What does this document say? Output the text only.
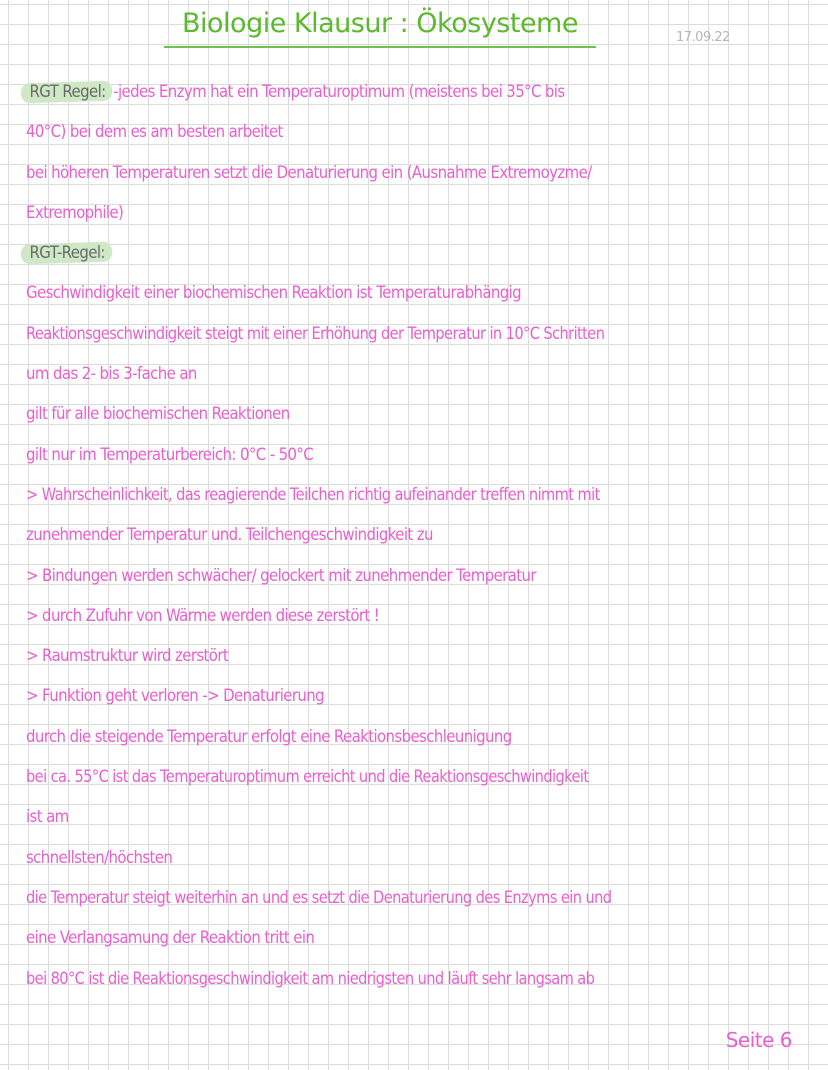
Biologie Klausur : Ökosysteme	17.09.22
RGT Regel: -jedes Enzym hat ein Temperaturoptimum (meistens bei 35°C bis
40°C) bei dem es am besten arbeitet
bei höheren Temperaturen setzt die Denaturierung ein (Ausnahme Extremoyzme/
Extremophile)
RGT-Regel:
Geschwindigkeit einer biochemischen Reaktion ist Temperaturabhängig
Reaktionsgeschwindigkeit steigt mit einer Erhöhung der Temperatur in 10°C Schritten
um das 2- bis 3-fache an
gilt für alle biochemischen Reaktionen
gilt nur im Temperaturbereich: 0°C - 50°C
> Wahrscheinlichkeit, das reagierende Teilchen richtig aufeinander treffen nimmt mit
zunehmender Temperatur und. Teilchengeschwindigkeit zu
> Bindungen werden schwächer/ gelockert mit zunehmender Temperatur
> durch Zufuhr von Wärme werden diese zerstört !
> Raumstruktur wird zerstört
> Funktion geht verloren -> Denaturierung
durch die steigende Temperatur erfolgt eine Reaktionsbeschleunigung
bei ca. 55°C ist das Temperaturoptimum erreicht und die Reaktionsgeschwindigkeit
ist am
schnellsten/höchsten
die Temperatur steigt weiterhin an und es setzt die Denaturierung des Enzyms ein und
eine Verlangsamung der Reaktion tritt ein
bei 80°C ist die Reaktionsgeschwindigkeit am niedrigsten und läuft sehr langsam ab
Seite 6
